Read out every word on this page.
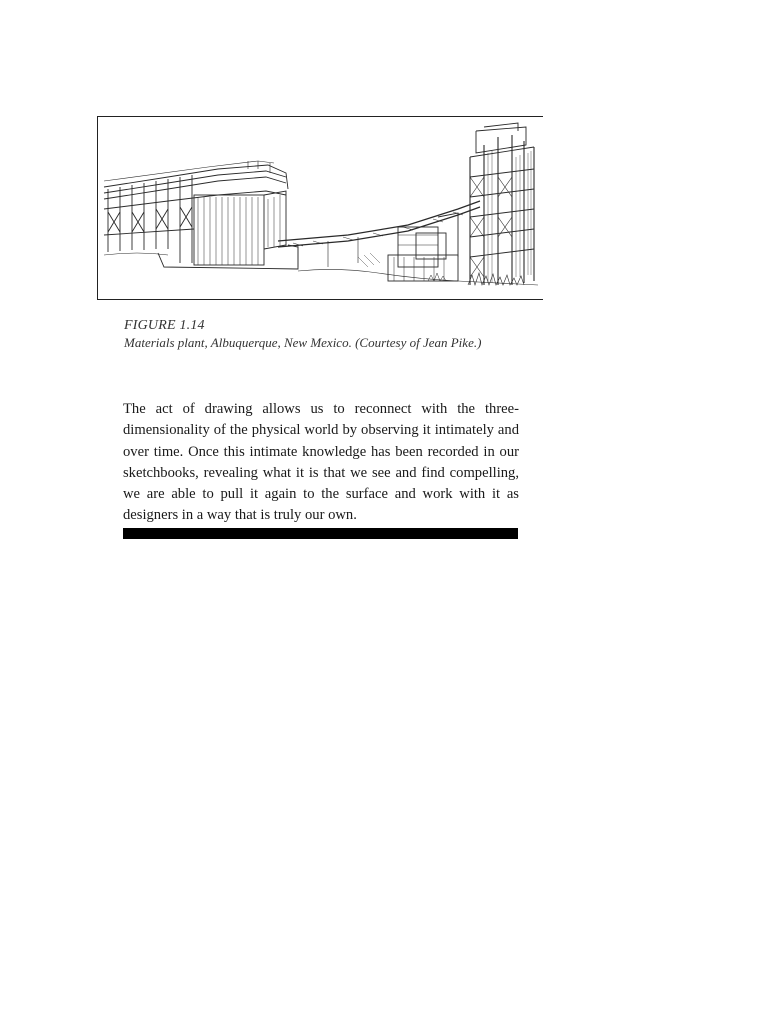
FIGURE 1.14

Materials plant, Albuquerque, New Mexico. (Courtesy of Jean Pike.)

The act of drawing allows us to reconnect with the three-dimensionality of the physical world by observing it intimately and over time. Once this intimate knowledge has been recorded in our sketchbooks, revealing what it is that we see and find compelling, we are able to pull it again to the surface and work with it as designers in a way that is truly our own.
